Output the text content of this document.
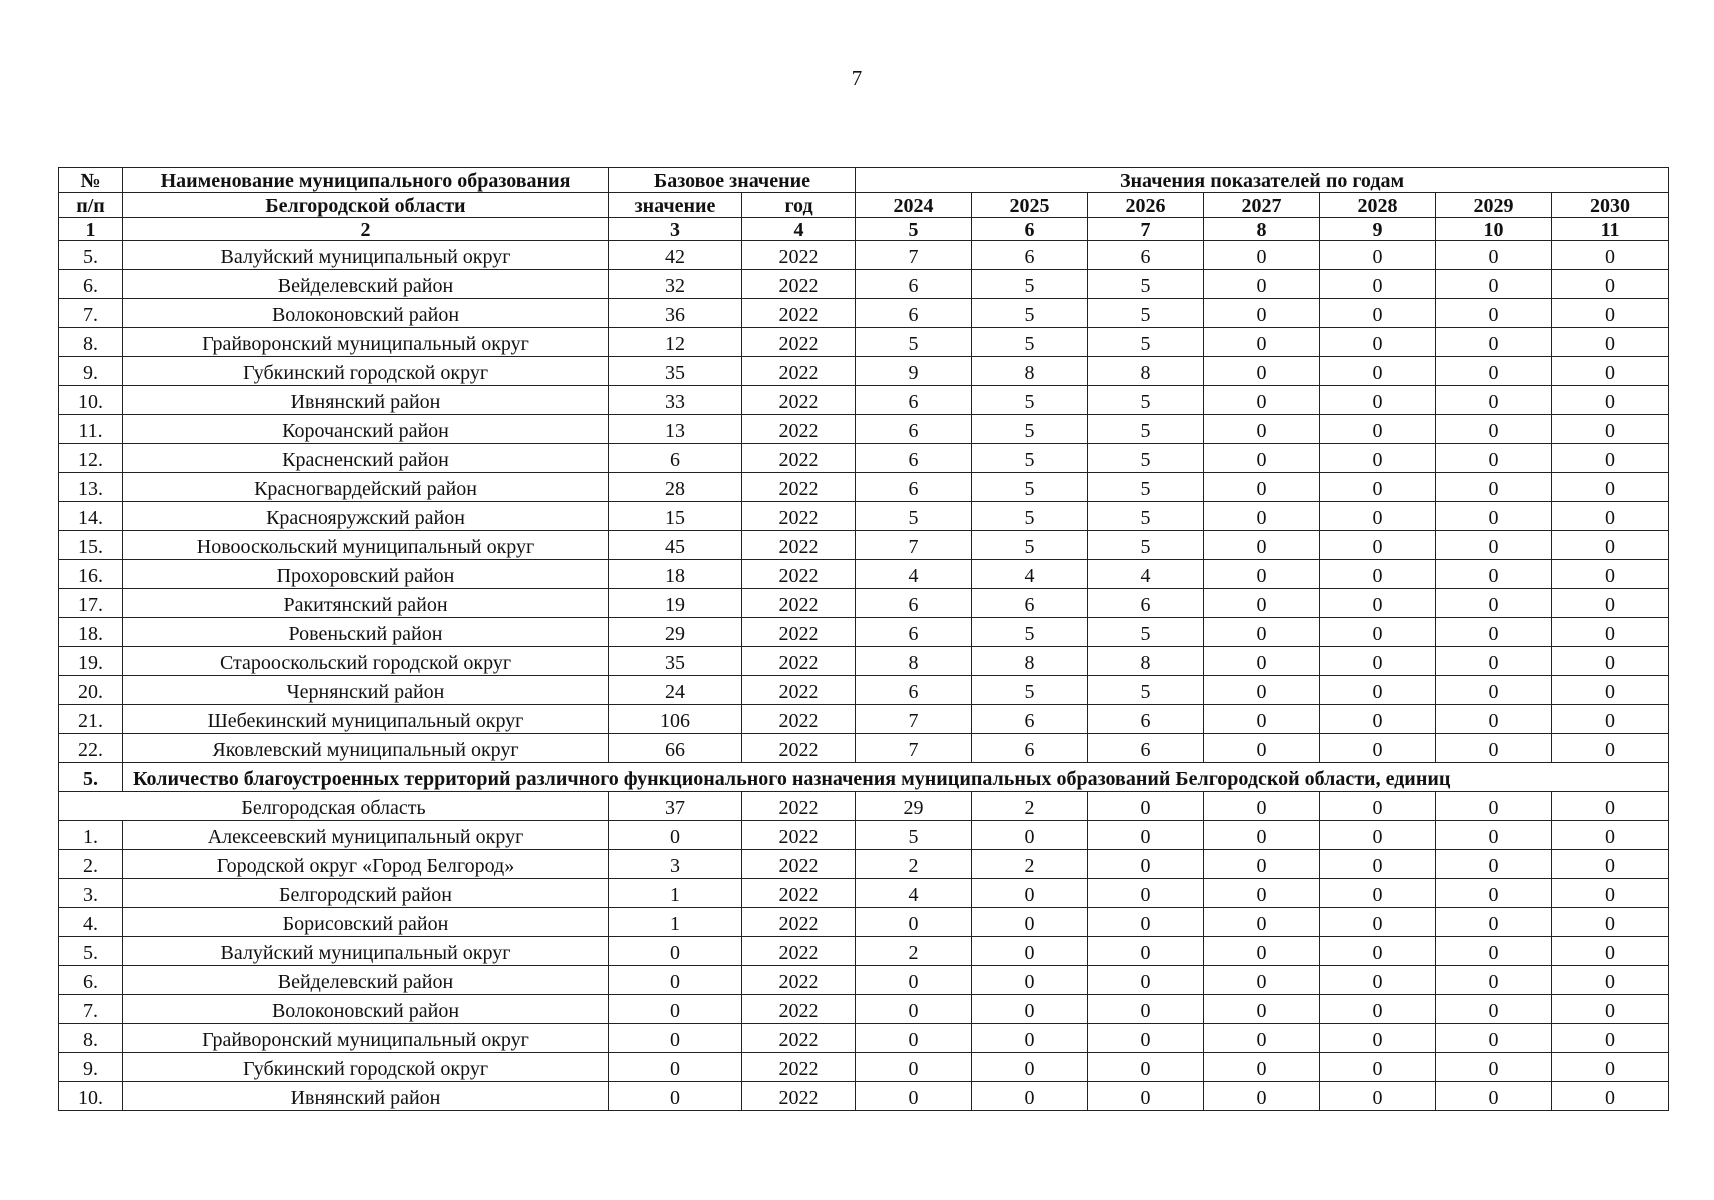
7
№	Наименование муниципального образования	Базовое значение		Значения показателей по годам						
п/п	Белгородской области	значение	год	2024	2025	2026	2027	2028	2029	2030
1	2	3	4	5	6	7	8	9	10	11
5.	Валуйский муниципальный округ	42	2022	7	6	6	0	0	0	0
6.	Вейделевский район	32	2022	6	5	5	0	0	0	0
7.	Волоконовский район	36	2022	6	5	5	0	0	0	0
8.	Грайворонский муниципальный округ	12	2022	5	5	5	0	0	0	0
9.	Губкинский городской округ	35	2022	9	8	8	0	0	0	0
10.	Ивнянский район	33	2022	6	5	5	0	0	0	0
11.	Корочанский район	13	2022	6	5	5	0	0	0	0
12.	Красненский район	6	2022	6	5	5	0	0	0	0
13.	Красногвардейский район	28	2022	6	5	5	0	0	0	0
14.	Краснояружский район	15	2022	5	5	5	0	0	0	0
15.	Новооскольский муниципальный округ	45	2022	7	5	5	0	0	0	0
16.	Прохоровский район	18	2022	4	4	4	0	0	0	0
17.	Ракитянский район	19	2022	6	6	6	0	0	0	0
18.	Ровеньский район	29	2022	6	5	5	0	0	0	0
19.	Старооскольский городской округ	35	2022	8	8	8	0	0	0	0
20.	Чернянский район	24	2022	6	5	5	0	0	0	0
21.	Шебекинский муниципальный округ	106	2022	7	6	6	0	0	0	0
22.	Яковлевский муниципальный округ	66	2022	7	6	6	0	0	0	0
5.	Количество благоустроенных территорий различного функционального назначения муниципальных образований Белгородской области, единиц									
Белгородская область		37	2022	29	2	0	0	0	0	0
1.	Алексеевский муниципальный округ	0	2022	5	0	0	0	0	0	0
2.	Городской округ «Город Белгород»	3	2022	2	2	0	0	0	0	0
3.	Белгородский район	1	2022	4	0	0	0	0	0	0
4.	Борисовский район	1	2022	0	0	0	0	0	0	0
5.	Валуйский муниципальный округ	0	2022	2	0	0	0	0	0	0
6.	Вейделевский район	0	2022	0	0	0	0	0	0	0
7.	Волоконовский район	0	2022	0	0	0	0	0	0	0
8.	Грайворонский муниципальный округ	0	2022	0	0	0	0	0	0	0
9.	Губкинский городской округ	0	2022	0	0	0	0	0	0	0
10.	Ивнянский район	0	2022	0	0	0	0	0	0	0
